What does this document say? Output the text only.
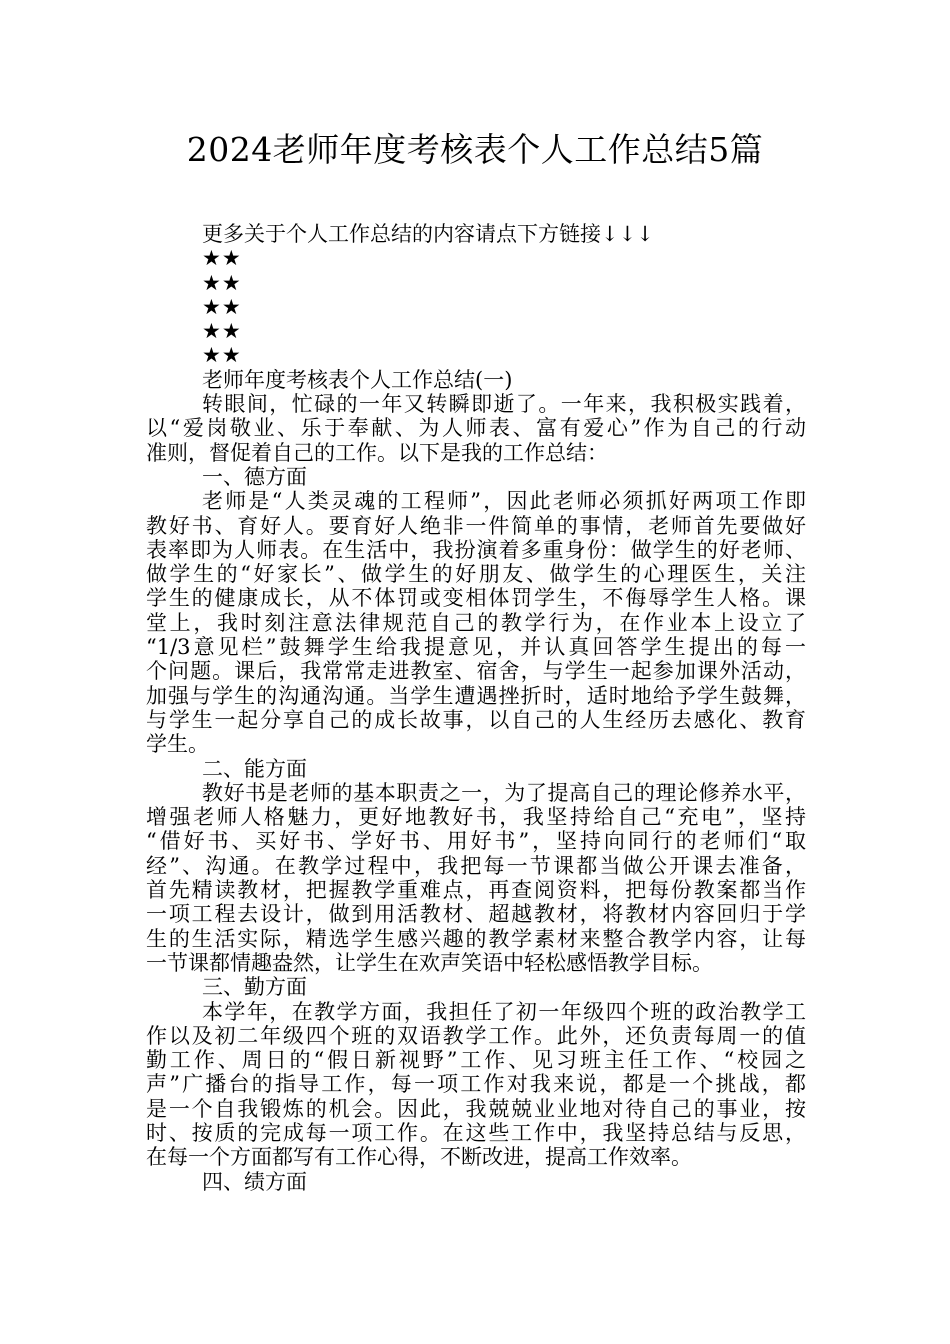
2024老师年度考核表个人工作总结5篇
更多关于个人工作总结的内容请点下方链接↓↓↓
★★
★★
★★
★★
★★
老师年度考核表个人工作总结(一)
转眼间，忙碌的一年又转瞬即逝了。一年来，我积极实践着，
以“爱岗敬业、乐于奉献、为人师表、富有爱心”作为自己的行动
准则，督促着自己的工作。以下是我的工作总结：
一、德方面
老师是“人类灵魂的工程师”，因此老师必须抓好两项工作即
教好书、育好人。要育好人绝非一件简单的事情，老师首先要做好
表率即为人师表。在生活中，我扮演着多重身份：做学生的好老师、
做学生的“好家长”、做学生的好朋友、做学生的心理医生，关注
学生的健康成长，从不体罚或变相体罚学生，不侮辱学生人格。课
堂上，我时刻注意法律规范自己的教学行为，在作业本上设立了
“1/3意见栏”鼓舞学生给我提意见，并认真回答学生提出的每一
个问题。课后，我常常走进教室、宿舍，与学生一起参加课外活动，
加强与学生的沟通沟通。当学生遭遇挫折时，适时地给予学生鼓舞，
与学生一起分享自己的成长故事，以自己的人生经历去感化、教育
学生。
二、能方面
教好书是老师的基本职责之一，为了提高自己的理论修养水平，
增强老师人格魅力，更好地教好书，我坚持给自己“充电”，坚持
“借好书、买好书、学好书、用好书”，坚持向同行的老师们“取
经”、沟通。在教学过程中，我把每一节课都当做公开课去准备，
首先精读教材，把握教学重难点，再查阅资料，把每份教案都当作
一项工程去设计，做到用活教材、超越教材，将教材内容回归于学
生的生活实际，精选学生感兴趣的教学素材来整合教学内容，让每
一节课都情趣盎然，让学生在欢声笑语中轻松感悟教学目标。
三、勤方面
本学年，在教学方面，我担任了初一年级四个班的政治教学工
作以及初二年级四个班的双语教学工作。此外，还负责每周一的值
勤工作、周日的“假日新视野”工作、见习班主任工作、“校园之
声”广播台的指导工作，每一项工作对我来说，都是一个挑战，都
是一个自我锻炼的机会。因此，我兢兢业业地对待自己的事业，按
时、按质的完成每一项工作。在这些工作中，我坚持总结与反思，
在每一个方面都写有工作心得，不断改进，提高工作效率。
四、绩方面
